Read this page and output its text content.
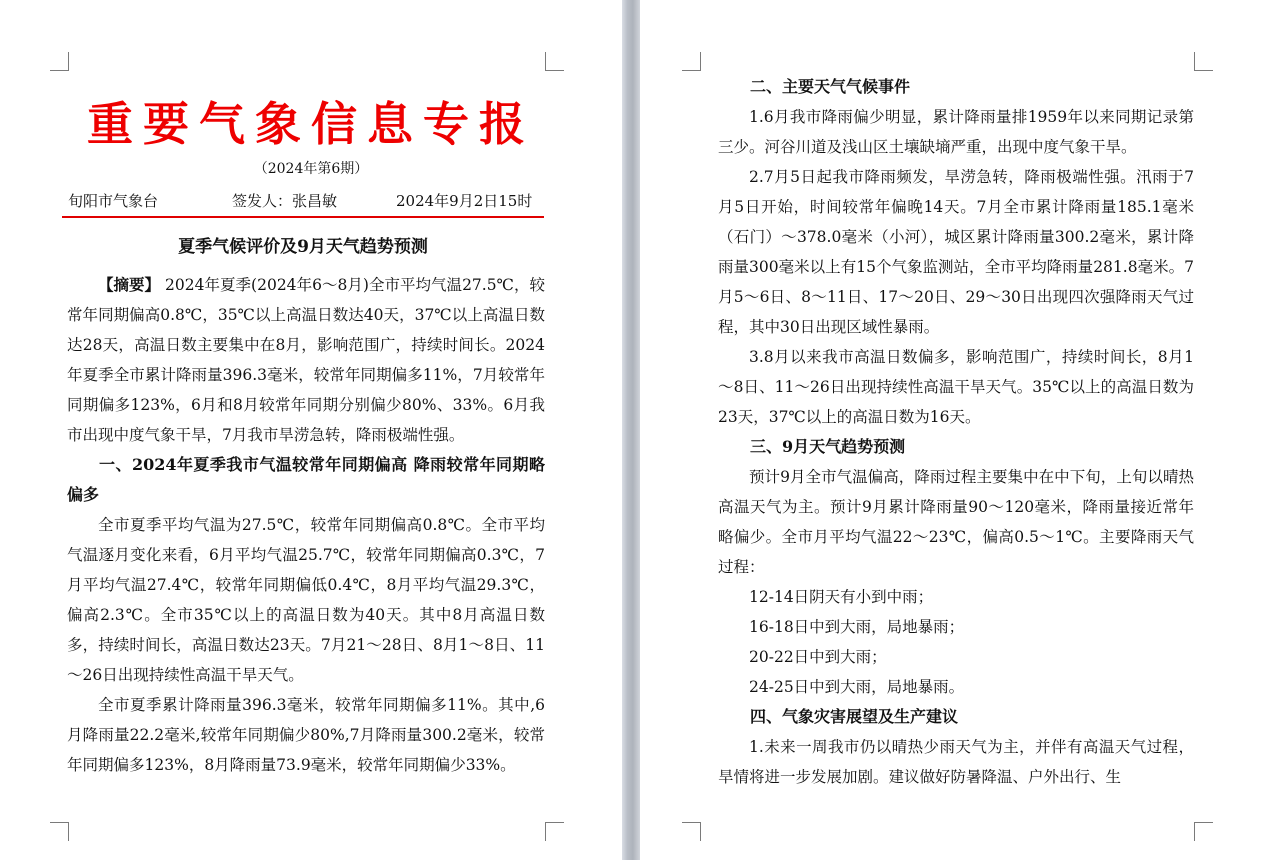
重要气象信息专报
（2024年第6期）
旬阳市气象台	签发人：张昌敏	2024年9月2日15时
夏季气候评价及9月天气趋势预测

【摘要】 2024年夏季(2024年6～8月)全市平均气温27.5℃，较常年同期偏高0.8℃，35℃以上高温日数达40天，37℃以上高温日数达28天，高温日数主要集中在8月，影响范围广，持续时间长。2024年夏季全市累计降雨量396.3毫米，较常年同期偏多11%，7月较常年同期偏多123%，6月和8月较常年同期分别偏少80%、33%。6月我市出现中度气象干旱，7月我市旱涝急转，降雨极端性强。

一、2024年夏季我市气温较常年同期偏高 降雨较常年同期略偏多

全市夏季平均气温为27.5℃，较常年同期偏高0.8℃。全市平均气温逐月变化来看，6月平均气温25.7℃，较常年同期偏高0.3℃，7月平均气温27.4℃，较常年同期偏低0.4℃，8月平均气温29.3℃，偏高2.3℃。全市35℃以上的高温日数为40天。其中8月高温日数多，持续时间长，高温日数达23天。7月21～28日、8月1～8日、11～26日出现持续性高温干旱天气。

全市夏季累计降雨量396.3毫米，较常年同期偏多11%。其中,6月降雨量22.2毫米,较常年同期偏少80%,7月降雨量300.2毫米，较常年同期偏多123%，8月降雨量73.9毫米，较常年同期偏少33%。

二、主要天气气候事件

1.6月我市降雨偏少明显，累计降雨量排1959年以来同期记录第三少。河谷川道及浅山区土壤缺墒严重，出现中度气象干旱。

2.7月5日起我市降雨频发，旱涝急转，降雨极端性强。汛雨于7月5日开始，时间较常年偏晚14天。7月全市累计降雨量185.1毫米（石门）～378.0毫米（小河），城区累计降雨量300.2毫米，累计降雨量300毫米以上有15个气象监测站，全市平均降雨量281.8毫米。7月5～6日、8～11日、17～20日、29～30日出现四次强降雨天气过程，其中30日出现区域性暴雨。

3.8月以来我市高温日数偏多，影响范围广，持续时间长，8月1～8日、11～26日出现持续性高温干旱天气。35℃以上的高温日数为23天，37℃以上的高温日数为16天。

三、9月天气趋势预测

预计9月全市气温偏高，降雨过程主要集中在中下旬，上旬以晴热高温天气为主。预计9月累计降雨量90～120毫米，降雨量接近常年略偏少。全市月平均气温22～23℃，偏高0.5～1℃。主要降雨天气过程：

12-14日阴天有小到中雨；

16-18日中到大雨，局地暴雨；

20-22日中到大雨；

24-25日中到大雨，局地暴雨。

四、气象灾害展望及生产建议

1.未来一周我市仍以晴热少雨天气为主，并伴有高温天气过程，旱情将进一步发展加剧。建议做好防暑降温、户外出行、生
